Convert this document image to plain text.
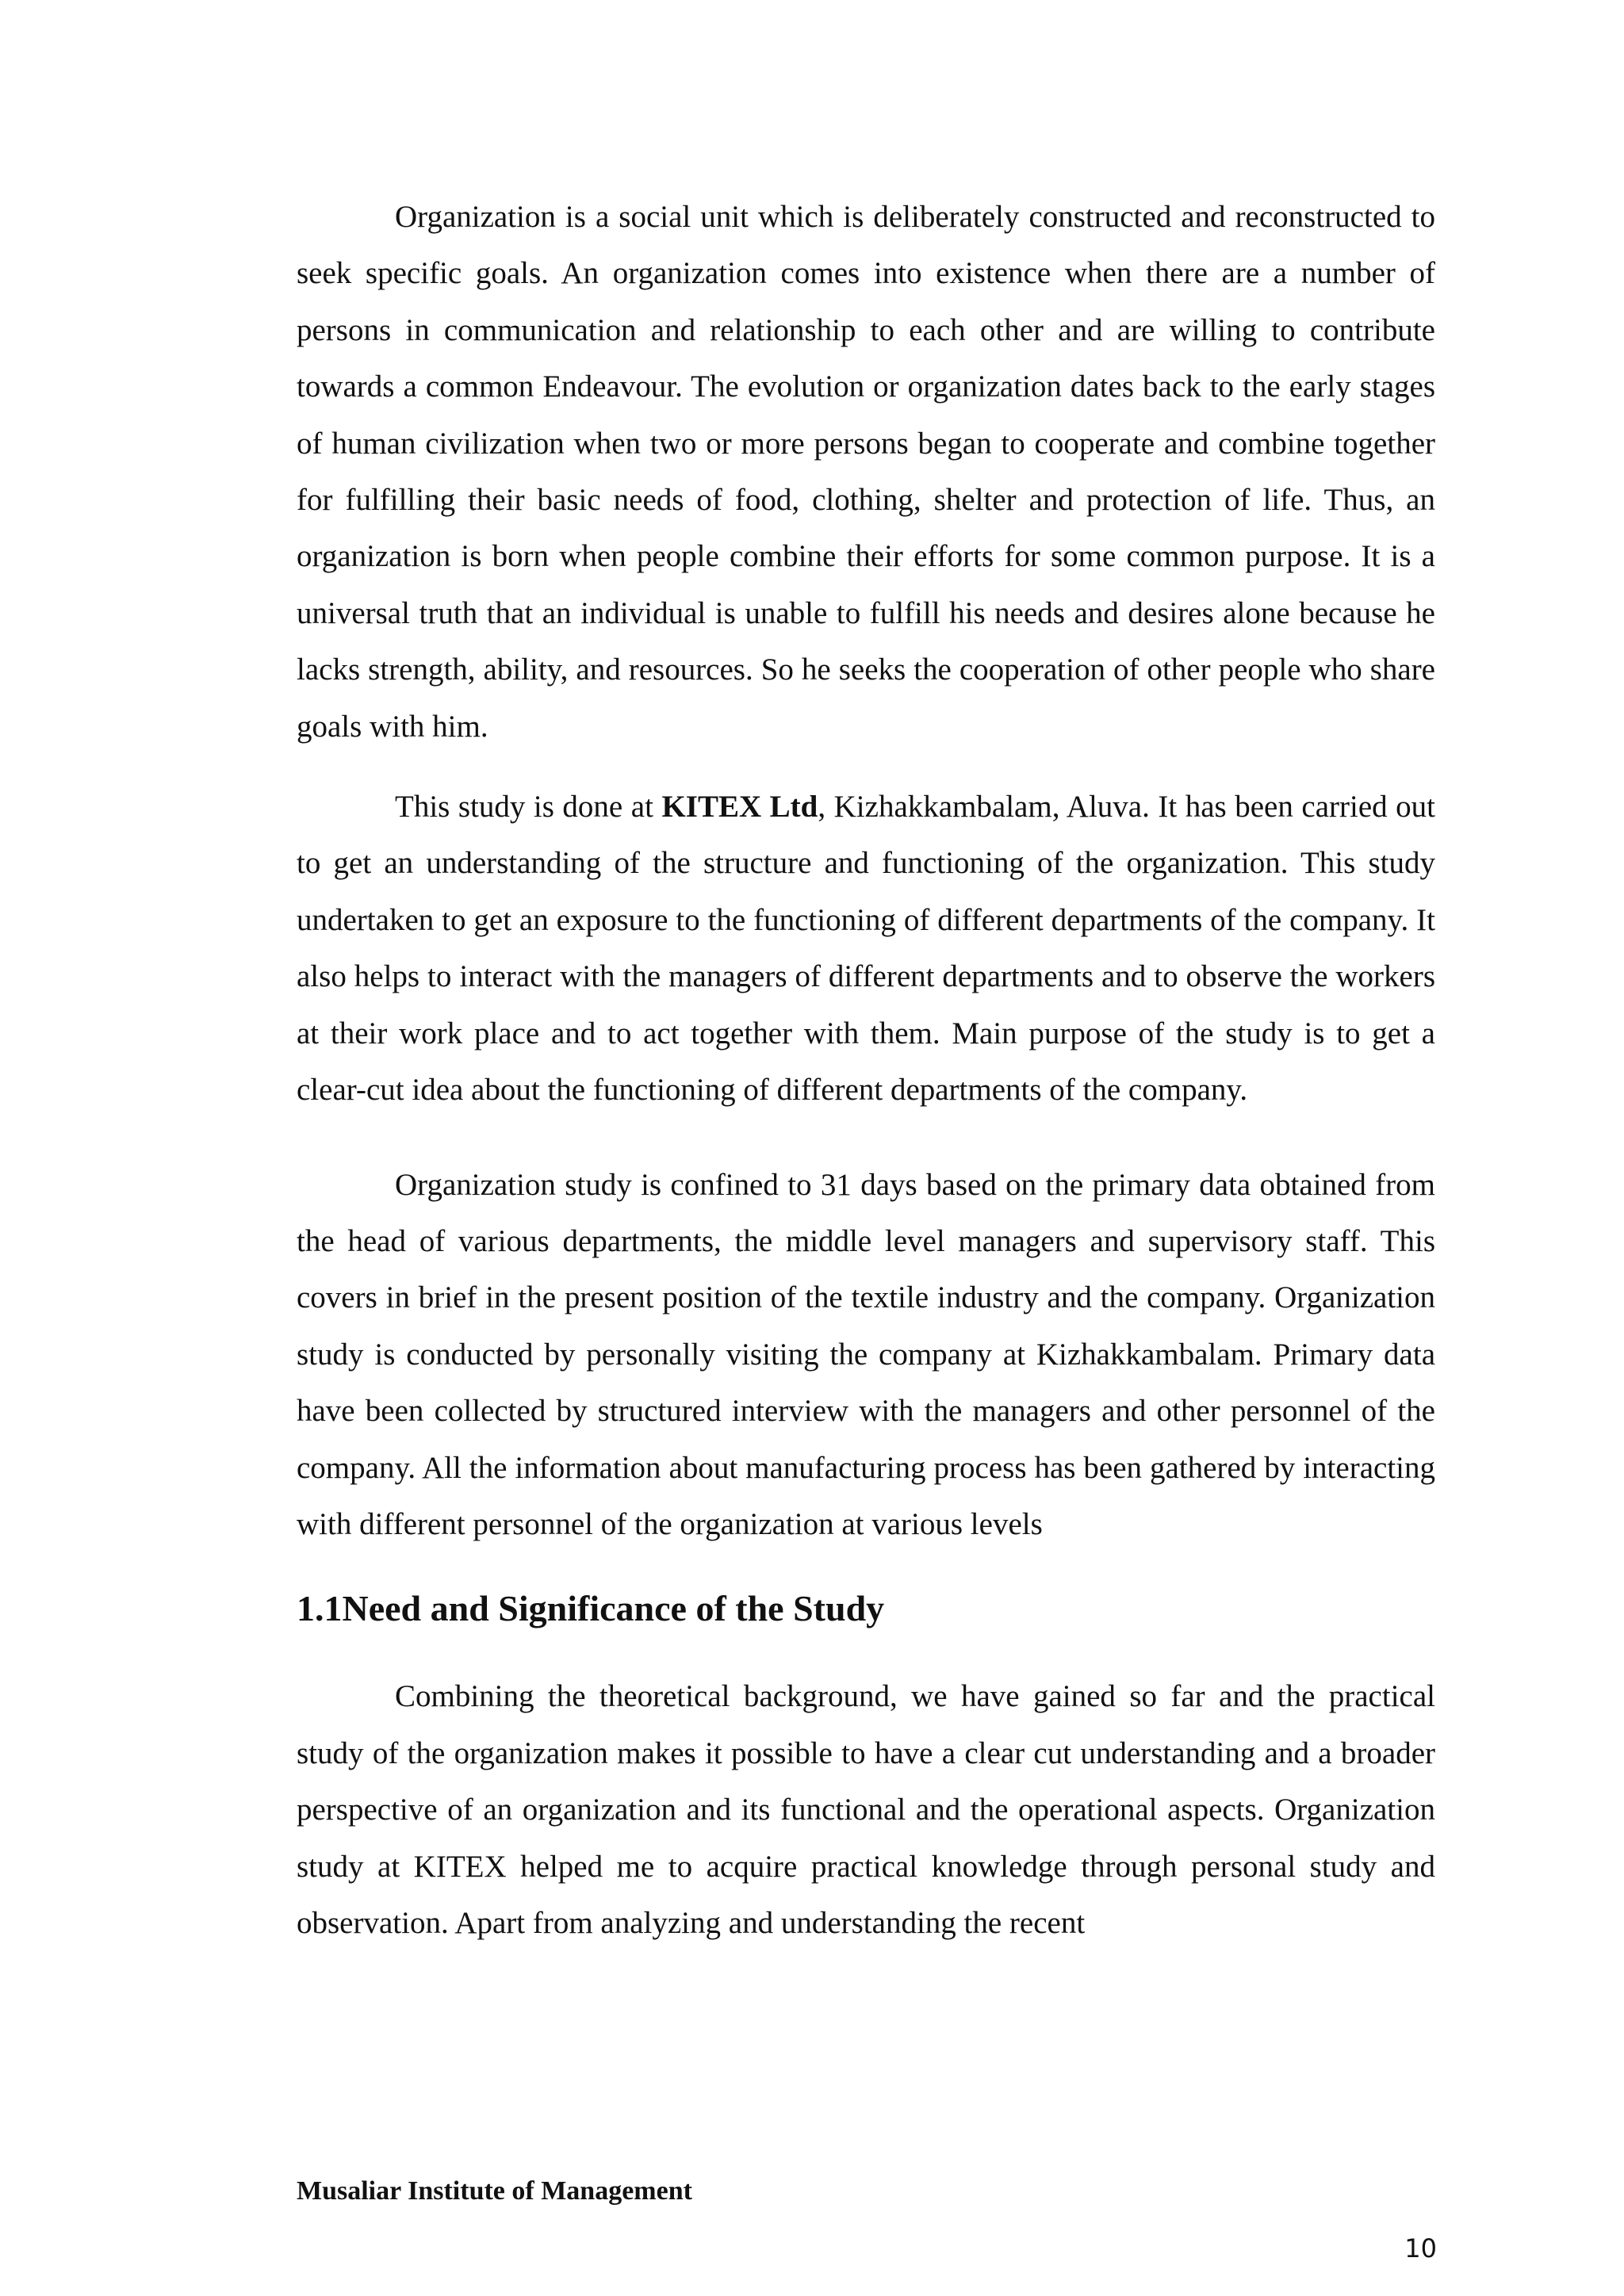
Organization is a social unit which is deliberately constructed and reconstructed to seek specific goals. An organization comes into existence when there are a number of persons in communication and relationship to each other and are willing to contribute towards a common Endeavour. The evolution or organization dates back to the early stages of human civilization when two or more persons began to cooperate and combine together for fulfilling their basic needs of food, clothing, shelter and protection of life. Thus, an organization is born when people combine their efforts for some common purpose. It is a universal truth that an individual is unable to fulfill his needs and desires alone because he lacks strength, ability, and resources. So he seeks the cooperation of other people who share goals with him.

This study is done at KITEX Ltd, Kizhakkambalam, Aluva. It has been carried out to get an understanding of the structure and functioning of the organization. This study undertaken to get an exposure to the functioning of different departments of the company. It also helps to interact with the managers of different departments and to observe the workers at their work place and to act together with them. Main purpose of the study is to get a clear-cut idea about the functioning of different departments of the company.

Organization study is confined to 31 days based on the primary data obtained from the head of various departments, the middle level managers and supervisory staff. This covers in brief in the present position of the textile industry and the company. Organization study is conducted by personally visiting the company at Kizhakkambalam. Primary data have been collected by structured interview with the managers and other personnel of the company. All the information about manufacturing process has been gathered by interacting with different personnel of the organization at various levels

1.1Need and Significance of the Study

Combining the theoretical background, we have gained so far and the practical study of the organization makes it possible to have a clear cut understanding and a broader perspective of an organization and its functional and the operational aspects. Organization study at KITEX helped me to acquire practical knowledge through personal study and observation. Apart from analyzing and understanding the recent

Musaliar Institute of Management
10
